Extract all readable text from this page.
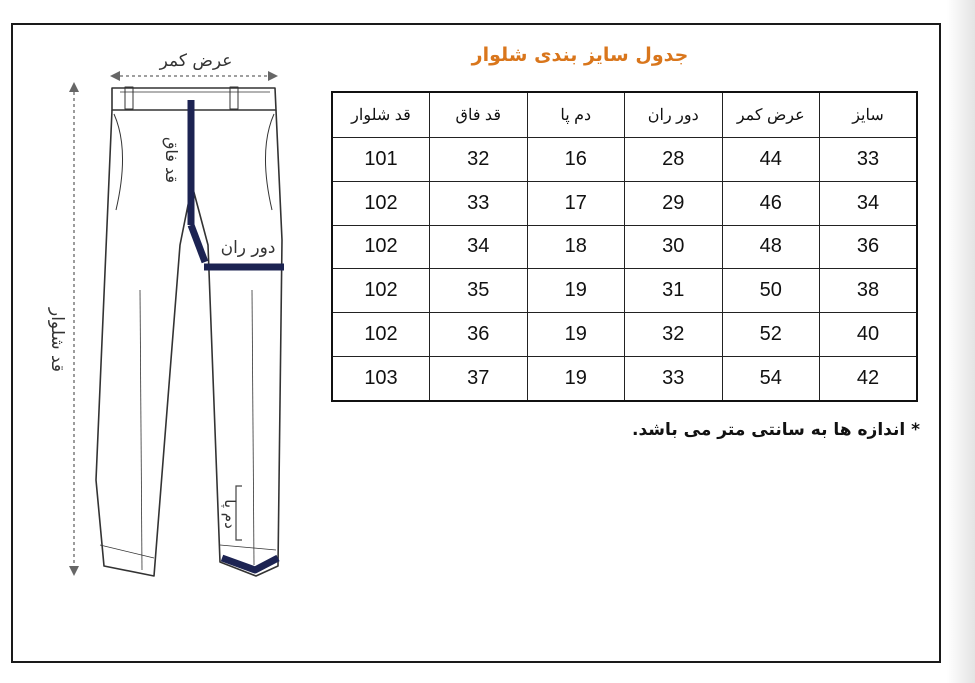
عرض کمر
قد شلوار
قد فاق
دور ران
دم پا
جدول سایز بندی شلوار
سایز	عرض کمر	دور ران	دم پا	قد فاق	قد شلوار
33	44	28	16	32	101
34	46	29	17	33	102
36	48	30	18	34	102
38	50	31	19	35	102
40	52	32	19	36	102
42	54	33	19	37	103
* اندازه ها به سانتی متر می باشد.
